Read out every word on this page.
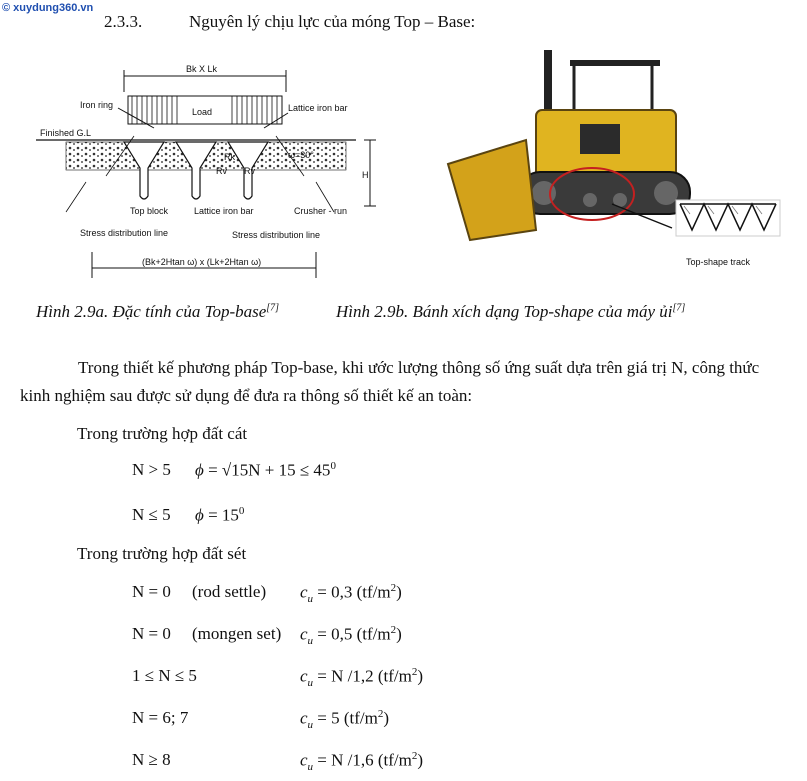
© xuydung360.vn
2.3.3.	Nguyên lý chịu lực của móng Top – Base:
Bk X Lk
Load
Iron ring	Lattice iron bar
Finished G.L
Rk
Rv Rv
ω=30°
H
Top block	Lattice iron bar	Crusher - run
Stress distribution line	Stress distribution line
(Bk+2Htan ω) x (Lk+2Htan ω)	Top-shape track
Hình 2.9a. Đặc tính của Top-base[7]	Hình 2.9b. Bánh xích dạng Top-shape của máy ủi[7]
Trong thiết kế phương pháp Top-base, khi ước lượng thông số ứng suất dựa trên giá trị N, công thức kinh nghiệm sau được sử dụng để đưa ra thông số thiết kế an toàn:
Trong trường hợp đất cát
N > 5 $\phi = √15N + 15 \le 45^0$
N ≤ 5 $\phi = 15^0$
Trong trường hợp đất sét
N = 0 (rod settle) $c_u = 0,3$ $(tf/m^2)$
N = 0 (mongen set) $c_u = 0,5$ $(tf/m^2)$
1 ≤ N ≤ 5	$c_u = N$ /1,2 $(tf/m^2)$
N = 6; 7	$c_u = 5$ $(tf/m^2)$
N ≥ 8	$c_u = N$ /1,6 $(tf/m^2)$
